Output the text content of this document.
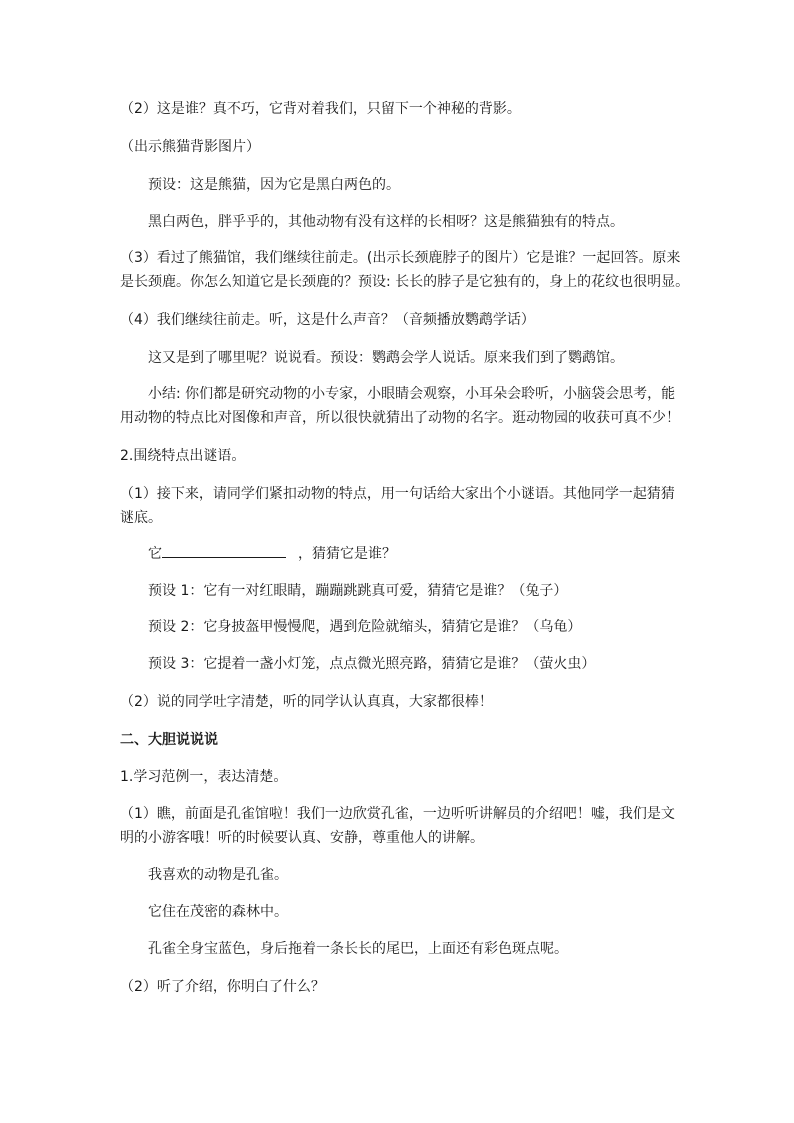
（2）这是谁？真不巧，它背对着我们，只留下一个神秘的背影。
（出示熊猫背影图片）
预设：这是熊猫，因为它是黑白两色的。
黑白两色，胖乎乎的，其他动物有没有这样的长相呀？这是熊猫独有的特点。
（3）看过了熊猫馆，我们继续往前走。(出示长颈鹿脖子的图片）它是谁？一起回答。原来
是长颈鹿。你怎么知道它是长颈鹿的？预设: 长长的脖子是它独有的，身上的花纹也很明显。
（4）我们继续往前走。听，这是什么声音？（音频播放鹦鹉学话）
这又是到了哪里呢？说说看。预设：鹦鹉会学人说话。原来我们到了鹦鹉馆。
小结: 你们都是研究动物的小专家，小眼睛会观察，小耳朵会聆听，小脑袋会思考，能
用动物的特点比对图像和声音，所以很快就猜出了动物的名字。逛动物园的收获可真不少！
2.围绕特点出谜语。
（1）接下来，请同学们紧扣动物的特点，用一句话给大家出个小谜语。其他同学一起猜猜
谜底。
它	，猜猜它是谁？
预设 1：它有一对红眼睛，蹦蹦跳跳真可爱，猜猜它是谁？（兔子）
预设 2：它身披盔甲慢慢爬，遇到危险就缩头，猜猜它是谁？（乌龟）
预设 3：它提着一盏小灯笼，点点微光照亮路，猜猜它是谁？（萤火虫）
（2）说的同学吐字清楚，听的同学认认真真，大家都很棒！
二、大胆说说说
1.学习范例一，表达清楚。
（1）瞧，前面是孔雀馆啦！我们一边欣赏孔雀，一边听听讲解员的介绍吧！嘘，我们是文
明的小游客哦！听的时候要认真、安静，尊重他人的讲解。
我喜欢的动物是孔雀。
它住在茂密的森林中。
孔雀全身宝蓝色，身后拖着一条长长的尾巴，上面还有彩色斑点呢。
（2）听了介绍，你明白了什么？
